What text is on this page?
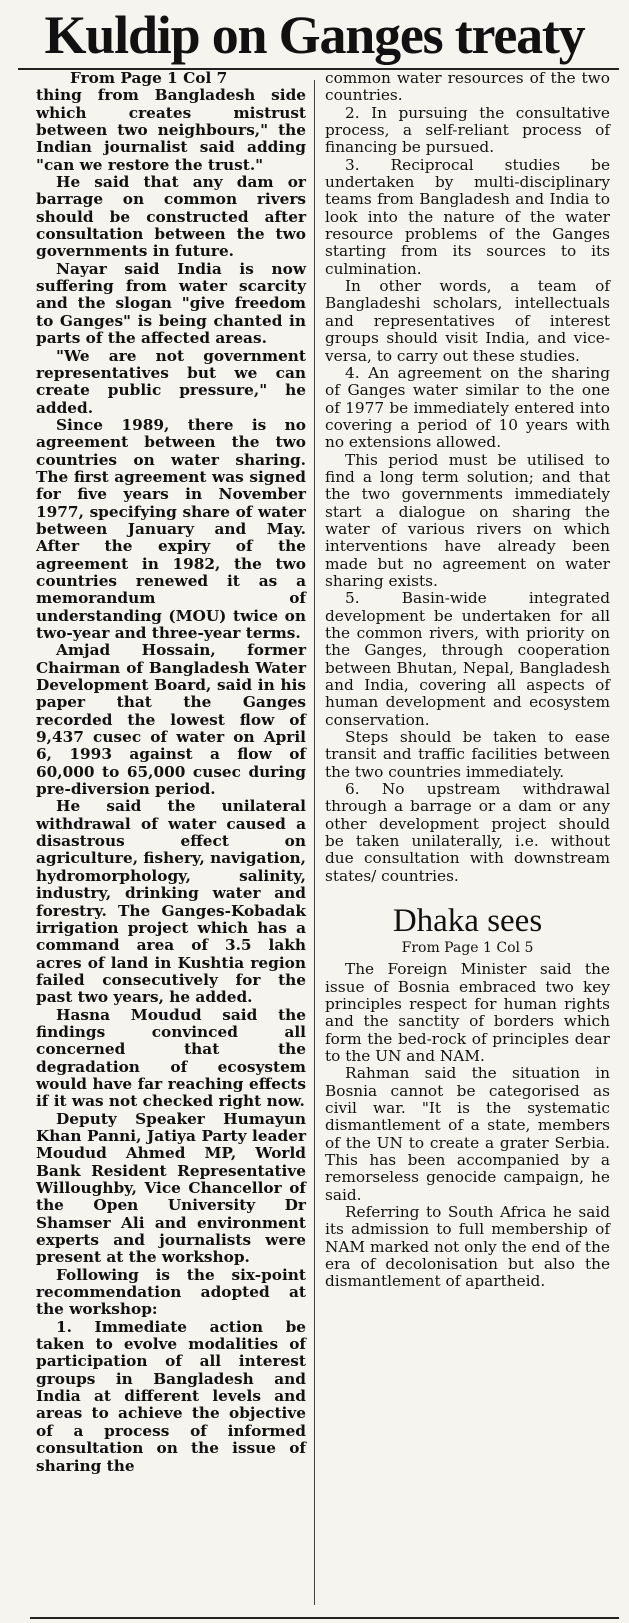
Kuldip on Ganges treaty

From Page 1 Col 7

thing from Bangladesh side which creates mistrust between two neighbours," the Indian journalist said adding "can we restore the trust."

He said that any dam or barrage on common rivers should be constructed after consultation between the two governments in future.

Nayar said India is now suffering from water scarcity and the slogan "give freedom to Ganges" is being chanted in parts of the affected areas.

"We are not government representatives but we can create public pressure," he added.

Since 1989, there is no agreement between the two countries on water sharing. The first agreement was signed for five years in November 1977, specifying share of water between January and May. After the expiry of the agreement in 1982, the two countries renewed it as a memorandum of understanding (MOU) twice on two-year and three-year terms.

Amjad Hossain, former Chairman of Bangladesh Water Development Board, said in his paper that the Ganges recorded the lowest flow of 9,437 cusec of water on April 6, 1993 against a flow of 60,000 to 65,000 cusec during pre-diversion period.

He said the unilateral withdrawal of water caused a disastrous effect on agriculture, fishery, navigation, hydromorphology, salinity, industry, drinking water and forestry. The Ganges-Kobadak irrigation project which has a command area of 3.5 lakh acres of land in Kushtia region failed consecutively for the past two years, he added.

Hasna Moudud said the findings convinced all concerned that the degradation of ecosystem would have far reaching effects if it was not checked right now.

Deputy Speaker Humayun Khan Panni, Jatiya Party leader Moudud Ahmed MP, World Bank Resident Representative Willoughby, Vice Chancellor of the Open University Dr Shamser Ali and environment experts and journalists were present at the workshop.

Following is the six-point recommendation adopted at the workshop:

1. Immediate action be taken to evolve modalities of participation of all interest groups in Bangladesh and India at different levels and areas to achieve the objective of a process of informed consultation on the issue of sharing the

common water resources of the two countries.

2. In pursuing the consultative process, a self-reliant process of financing be pursued.

3. Reciprocal studies be undertaken by multi-disciplinary teams from Bangladesh and India to look into the nature of the water resource problems of the Ganges starting from its sources to its culmination.

In other words, a team of Bangladeshi scholars, intellectuals and representatives of interest groups should visit India, and vice-versa, to carry out these studies.

4. An agreement on the sharing of Ganges water similar to the one of 1977 be immediately entered into covering a period of 10 years with no extensions allowed.

This period must be utilised to find a long term solution; and that the two governments immediately start a dialogue on sharing the water of various rivers on which interventions have already been made but no agreement on water sharing exists.

5. Basin-wide integrated development be undertaken for all the common rivers, with priority on the Ganges, through cooperation between Bhutan, Nepal, Bangladesh and India, covering all aspects of human development and ecosystem conservation.

Steps should be taken to ease transit and traffic facilities between the two countries immediately.

6. No upstream withdrawal through a barrage or a dam or any other development project should be taken unilaterally, i.e. without due consultation with downstream states/ countries.

Dhaka sees
From Page 1 Col 5

The Foreign Minister said the issue of Bosnia embraced two key principles respect for human rights and the sanctity of borders which form the bed-rock of principles dear to the UN and NAM.

Rahman said the situation in Bosnia cannot be categorised as civil war. "It is the systematic dismantlement of a state, members of the UN to create a grater Serbia. This has been accompanied by a remorseless genocide campaign, he said.

Referring to South Africa he said its admission to full membership of NAM marked not only the end of the era of decolonisation but also the dismantlement of apartheid.
